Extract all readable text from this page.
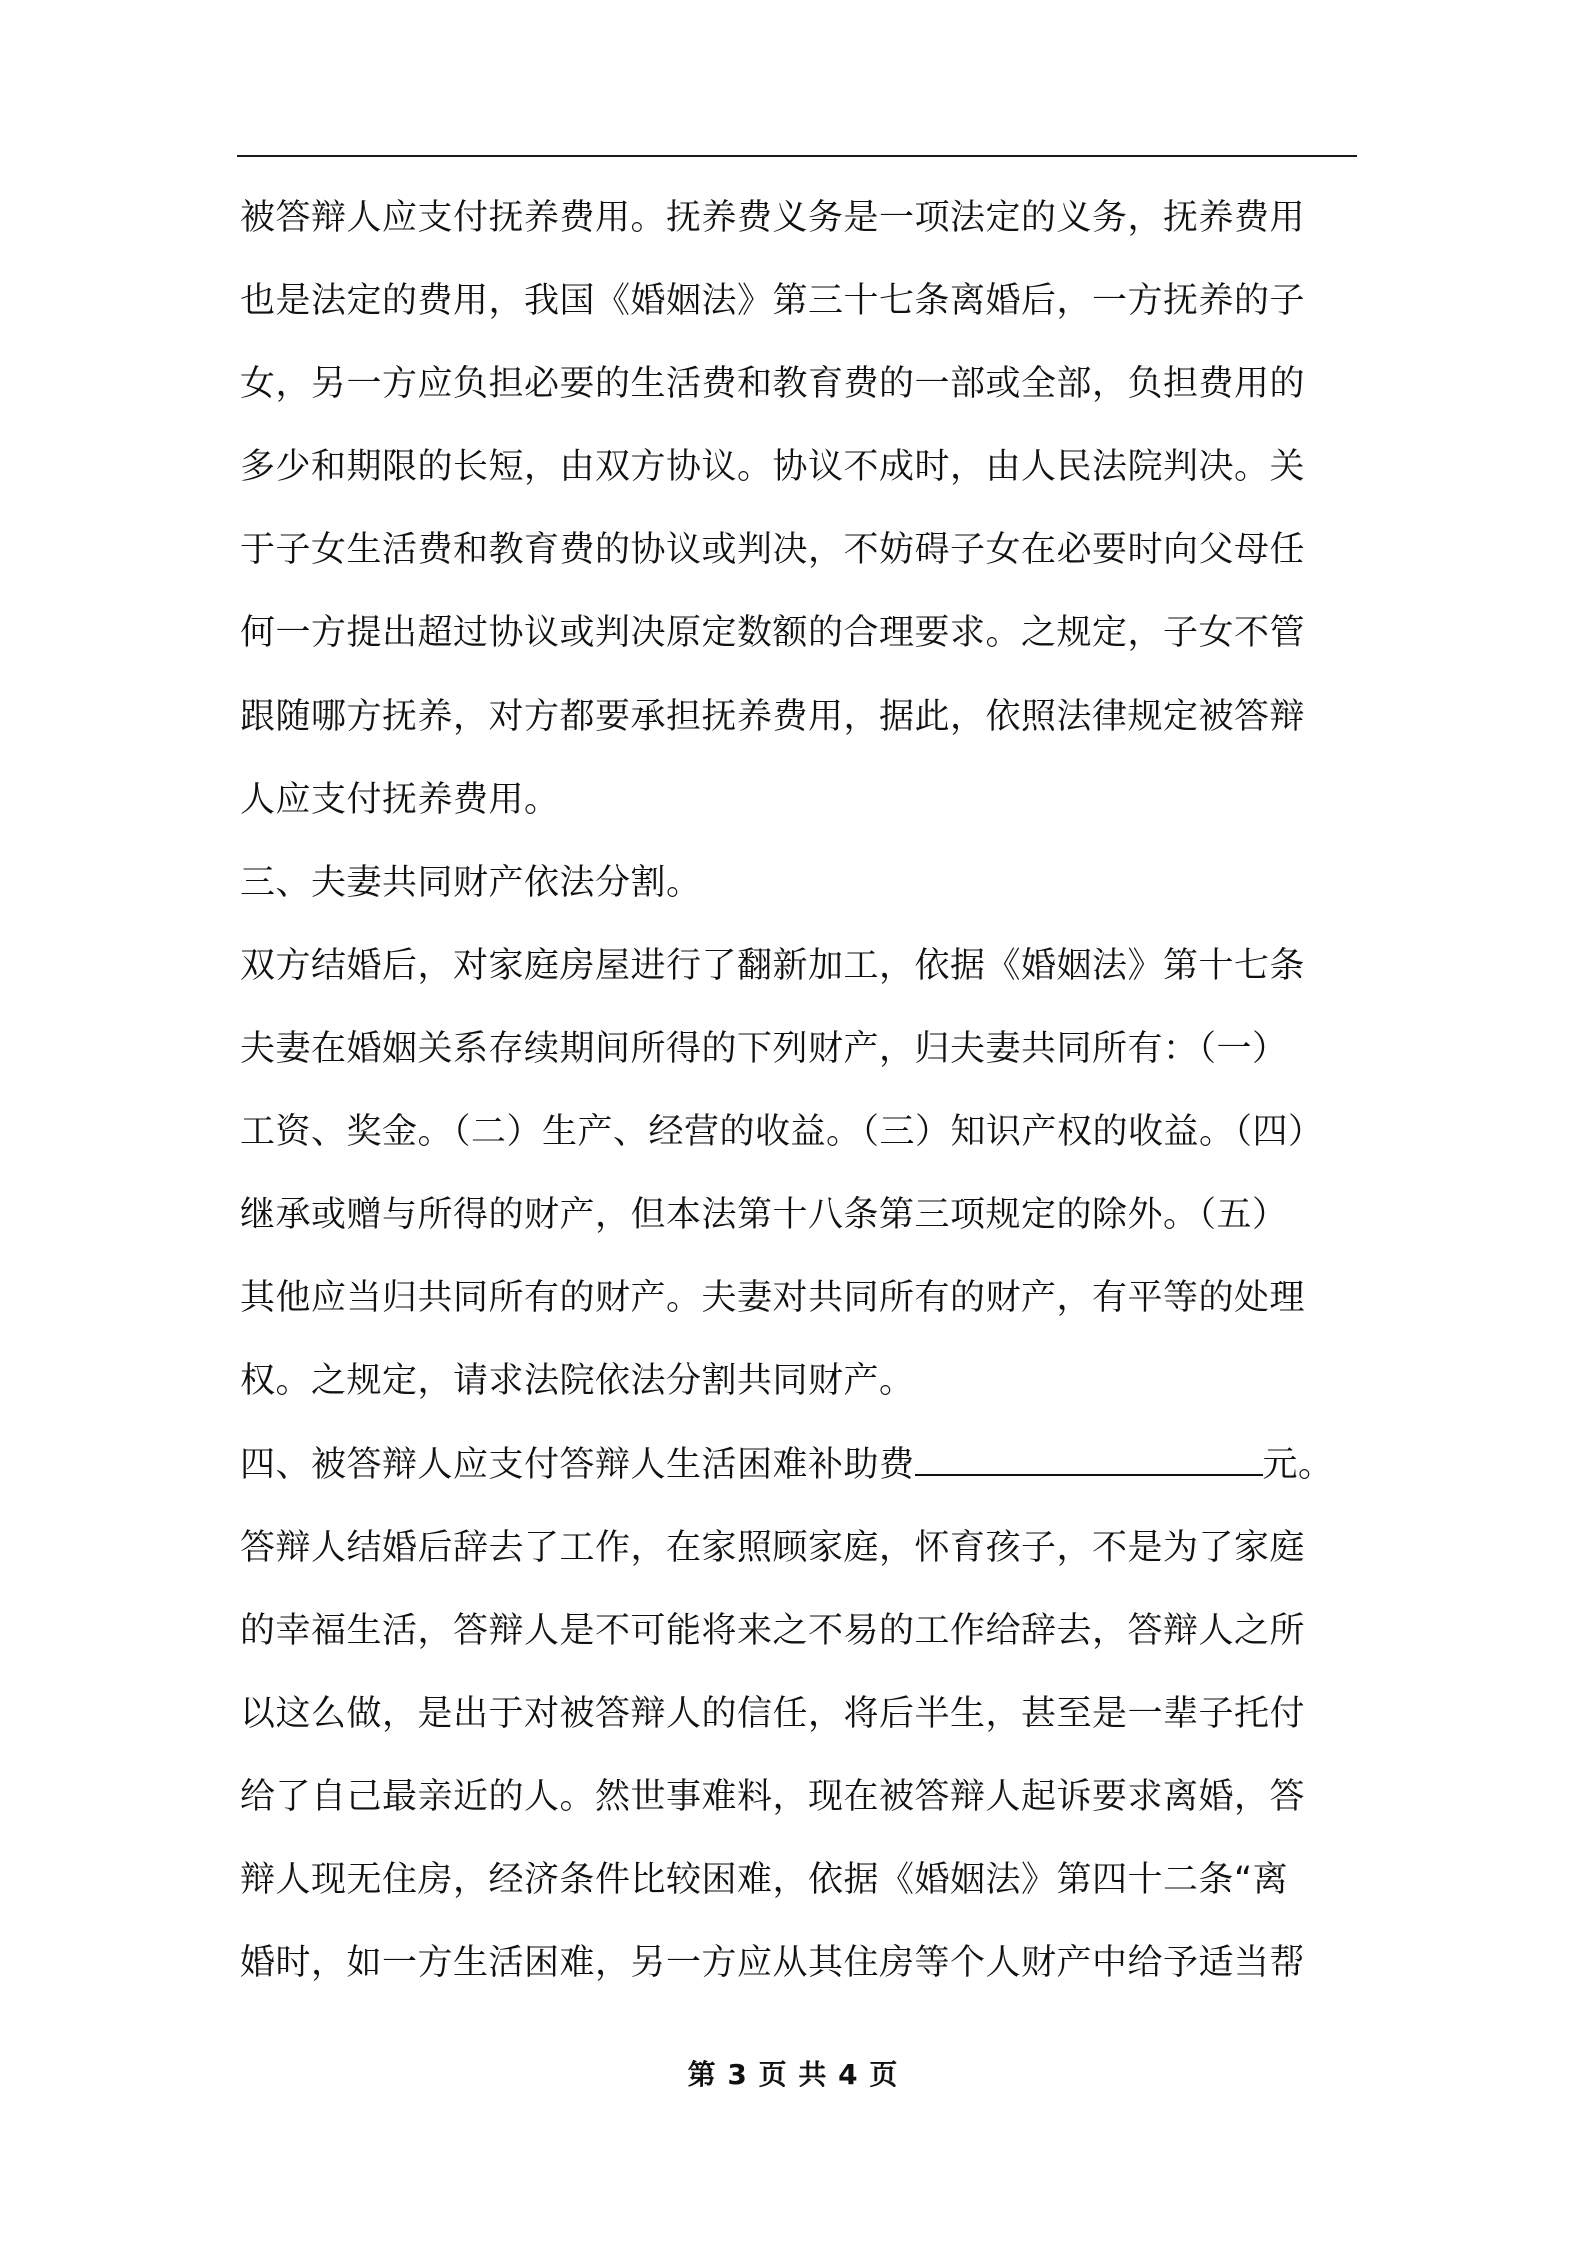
被答辩人应支付抚养费用。抚养费义务是一项法定的义务，抚养费用
也是法定的费用，我国《婚姻法》第三十七条离婚后，一方抚养的子
女，另一方应负担必要的生活费和教育费的一部或全部，负担费用的
多少和期限的长短，由双方协议。协议不成时，由人民法院判决。关
于子女生活费和教育费的协议或判决，不妨碍子女在必要时向父母任
何一方提出超过协议或判决原定数额的合理要求。之规定，子女不管
跟随哪方抚养，对方都要承担抚养费用，据此，依照法律规定被答辩
人应支付抚养费用。
三、夫妻共同财产依法分割。
双方结婚后，对家庭房屋进行了翻新加工，依据《婚姻法》第十七条
夫妻在婚姻关系存续期间所得的下列财产，归夫妻共同所有：（一）
工资、奖金。（二）生产、经营的收益。（三）知识产权的收益。（四）
继承或赠与所得的财产，但本法第十八条第三项规定的除外。（五）
其他应当归共同所有的财产。夫妻对共同所有的财产，有平等的处理
权。之规定，请求法院依法分割共同财产。
四、被答辩人应支付答辩人生活困难补助费	元。
答辩人结婚后辞去了工作，在家照顾家庭，怀育孩子，不是为了家庭
的幸福生活，答辩人是不可能将来之不易的工作给辞去，答辩人之所
以这么做，是出于对被答辩人的信任，将后半生，甚至是一辈子托付
给了自己最亲近的人。然世事难料，现在被答辩人起诉要求离婚，答
辩人现无住房，经济条件比较困难，依据《婚姻法》第四十二条“离
婚时，如一方生活困难，另一方应从其住房等个人财产中给予适当帮
第 3 页 共 4 页
